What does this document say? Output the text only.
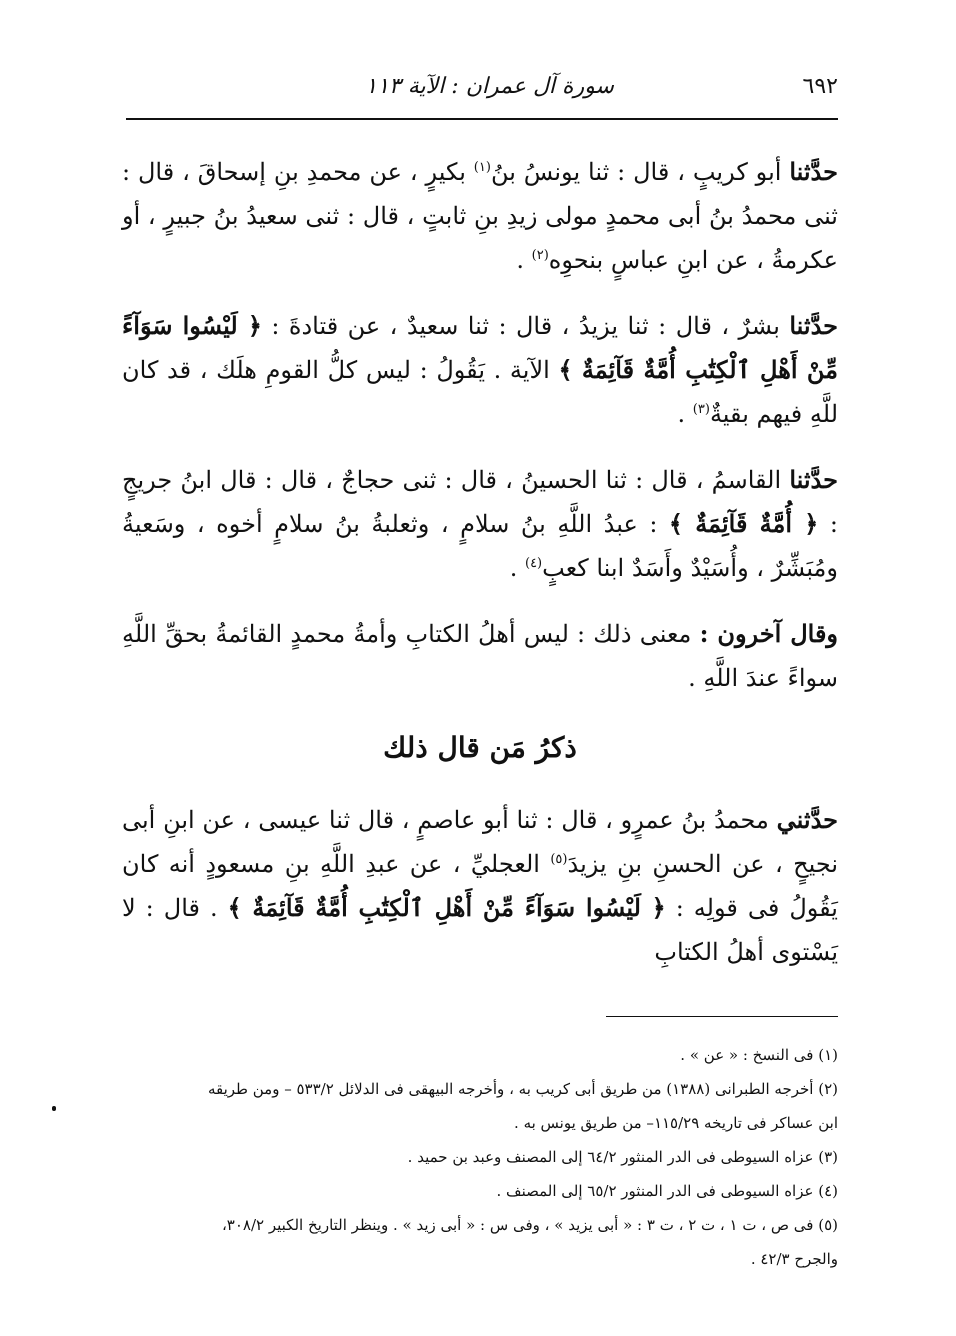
٦٩٢
سورة آل عمران : الآية ١١٣

حدَّثنا أبو كريبٍ ، قال : ثنا يونسُ بنُ$^{(١)}$ بكيرٍ ، عن محمدِ بنِ إسحاقَ ، قال : ثنى محمدُ بنُ أبى محمدٍ مولى زيدِ بنِ ثابتٍ ، قال : ثنى سعيدُ بنُ جبيرٍ ، أو عكرمةُ ، عن ابنِ عباسٍ بنحوِه$^{(٢)}$ .

حدَّثنا بشرٌ ، قال : ثنا يزيدُ ، قال : ثنا سعيدٌ ، عن قتادةَ : ﴿ لَيْسُوا سَوَآءً مِّنْ أَهْلِ ٱلْكِتَٰبِ أُمَّةٌ قَآئِمَةٌ ﴾ الآية . يَقُولُ : ليس كلُّ القومِ هلَك ، قد كان للَّهِ فيهم بقيةٌ$^{(٣)}$ .

حدَّثنا القاسمُ ، قال : ثنا الحسينُ ، قال : ثنى حجاجٌ ، قال : قال ابنُ جريجٍ : ﴿ أُمَّةٌ قَآئِمَةٌ ﴾ : عبدُ اللَّهِ بنُ سلامٍ ، وثعلبةُ بنُ سلامٍ أخوه ، وسَعيةُ ومُبَشِّرٌ ، وأُسَيْدٌ وأَسَدٌ ابنا كعبٍ$^{(٤)}$ .

وقال آخرون : معنى ذلك : ليس أهلُ الكتابِ وأمةُ محمدٍ القائمةُ بحقِّ اللَّهِ سواءً عندَ اللَّهِ .

ذكرُ مَن قال ذلك

حدَّثني محمدُ بنُ عمرٍو ، قال : ثنا أبو عاصمٍ ، قال ثنا عيسى ، عن ابنِ أبى نجيحٍ ، عن الحسنِ بنِ يزيدَ$^{(٥)}$ العجليِّ ، عن عبدِ اللَّهِ بنِ مسعودٍ أنه كان يَقُولُ فى قولِه : ﴿ لَيْسُوا سَوَآءً مِّنْ أَهْلِ ٱلْكِتَٰبِ أُمَّةٌ قَآئِمَةٌ ﴾ . قال : لا يَسْتوى أهلُ الكتابِ

(١) فى النسخ : « عن » .
(٢) أخرجه الطبرانى (١٣٨٨) من طريق أبى كريب به ، وأخرجه البيهقى فى الدلائل ٥٣٣/٢ – ومن طريقه
ابن عساكر فى تاريخه ١١٥/٢٩– من طريق يونس به .
(٣) عزاه السيوطى فى الدر المنثور ٦٤/٢ إلى المصنف وعبد بن حميد .
(٤) عزاه السيوطى فى الدر المنثور ٦٥/٢ إلى المصنف .
(٥) فى ص ، ت ١ ، ت ٢ ، ت ٣ : « أبى يزيد » ، وفى س : « أبى زيد » . وينظر التاريخ الكبير ٣٠٨/٢،
والجرح ٤٢/٣ .
